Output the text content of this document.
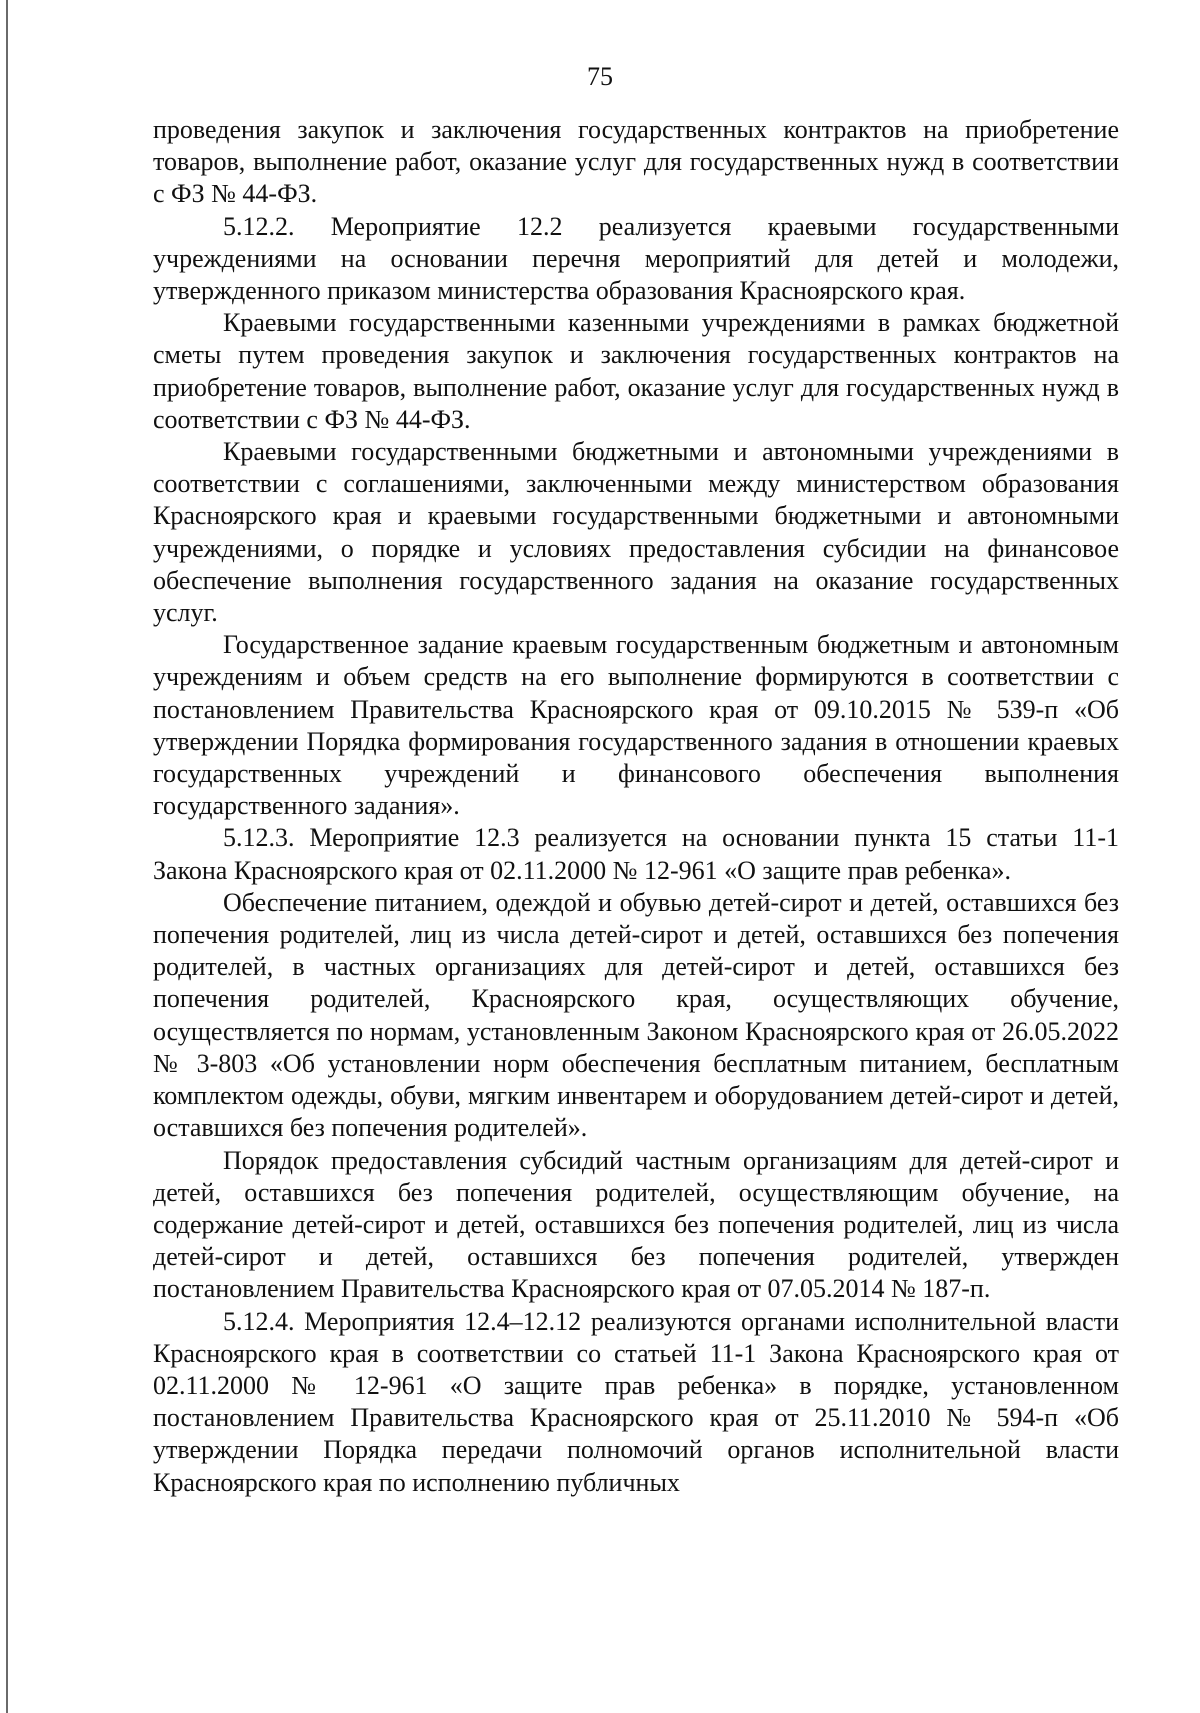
75

проведения закупок и заключения государственных контрактов на приобретение товаров, выполнение работ, оказание услуг для государственных нужд в соответствии с ФЗ № 44-ФЗ.

5.12.2. Мероприятие 12.2 реализуется краевыми государственными учреждениями на основании перечня мероприятий для детей и молодежи, утвержденного приказом министерства образования Красноярского края.

Краевыми государственными казенными учреждениями в рамках бюджетной сметы путем проведения закупок и заключения государственных контрактов на приобретение товаров, выполнение работ, оказание услуг для государственных нужд в соответствии с ФЗ № 44-ФЗ.

Краевыми государственными бюджетными и автономными учреждениями в соответствии с соглашениями, заключенными между министерством образования Красноярского края и краевыми государственными бюджетными и автономными учреждениями, о порядке и условиях предоставления субсидии на финансовое обеспечение выполнения государственного задания на оказание государственных услуг.

Государственное задание краевым государственным бюджетным и автономным учреждениям и объем средств на его выполнение формируются в соответствии с постановлением Правительства Красноярского края от 09.10.2015 № 539-п «Об утверждении Порядка формирования государственного задания в отношении краевых государственных учреждений и финансового обеспечения выполнения государственного задания».

5.12.3. Мероприятие 12.3 реализуется на основании пункта 15 статьи 11-1 Закона Красноярского края от 02.11.2000 № 12-961 «О защите прав ребенка».

Обеспечение питанием, одеждой и обувью детей-сирот и детей, оставшихся без попечения родителей, лиц из числа детей-сирот и детей, оставшихся без попечения родителей, в частных организациях для детей-сирот и детей, оставшихся без попечения родителей, Красноярского края, осуществляющих обучение, осуществляется по нормам, установленным Законом Красноярского края от 26.05.2022 № 3-803 «Об установлении норм обеспечения бесплатным питанием, бесплатным комплектом одежды, обуви, мягким инвентарем и оборудованием детей-сирот и детей, оставшихся без попечения родителей».

Порядок предоставления субсидий частным организациям для детей-сирот и детей, оставшихся без попечения родителей, осуществляющим обучение, на содержание детей-сирот и детей, оставшихся без попечения родителей, лиц из числа детей-сирот и детей, оставшихся без попечения родителей, утвержден постановлением Правительства Красноярского края от 07.05.2014 № 187-п.

5.12.4. Мероприятия 12.4–12.12 реализуются органами исполнительной власти Красноярского края в соответствии со статьей 11-1 Закона Красноярского края от 02.11.2000 № 12-961 «О защите прав ребенка» в порядке, установленном постановлением Правительства Красноярского края от 25.11.2010 № 594-п «Об утверждении Порядка передачи полномочий органов исполнительной власти Красноярского края по исполнению публичных
